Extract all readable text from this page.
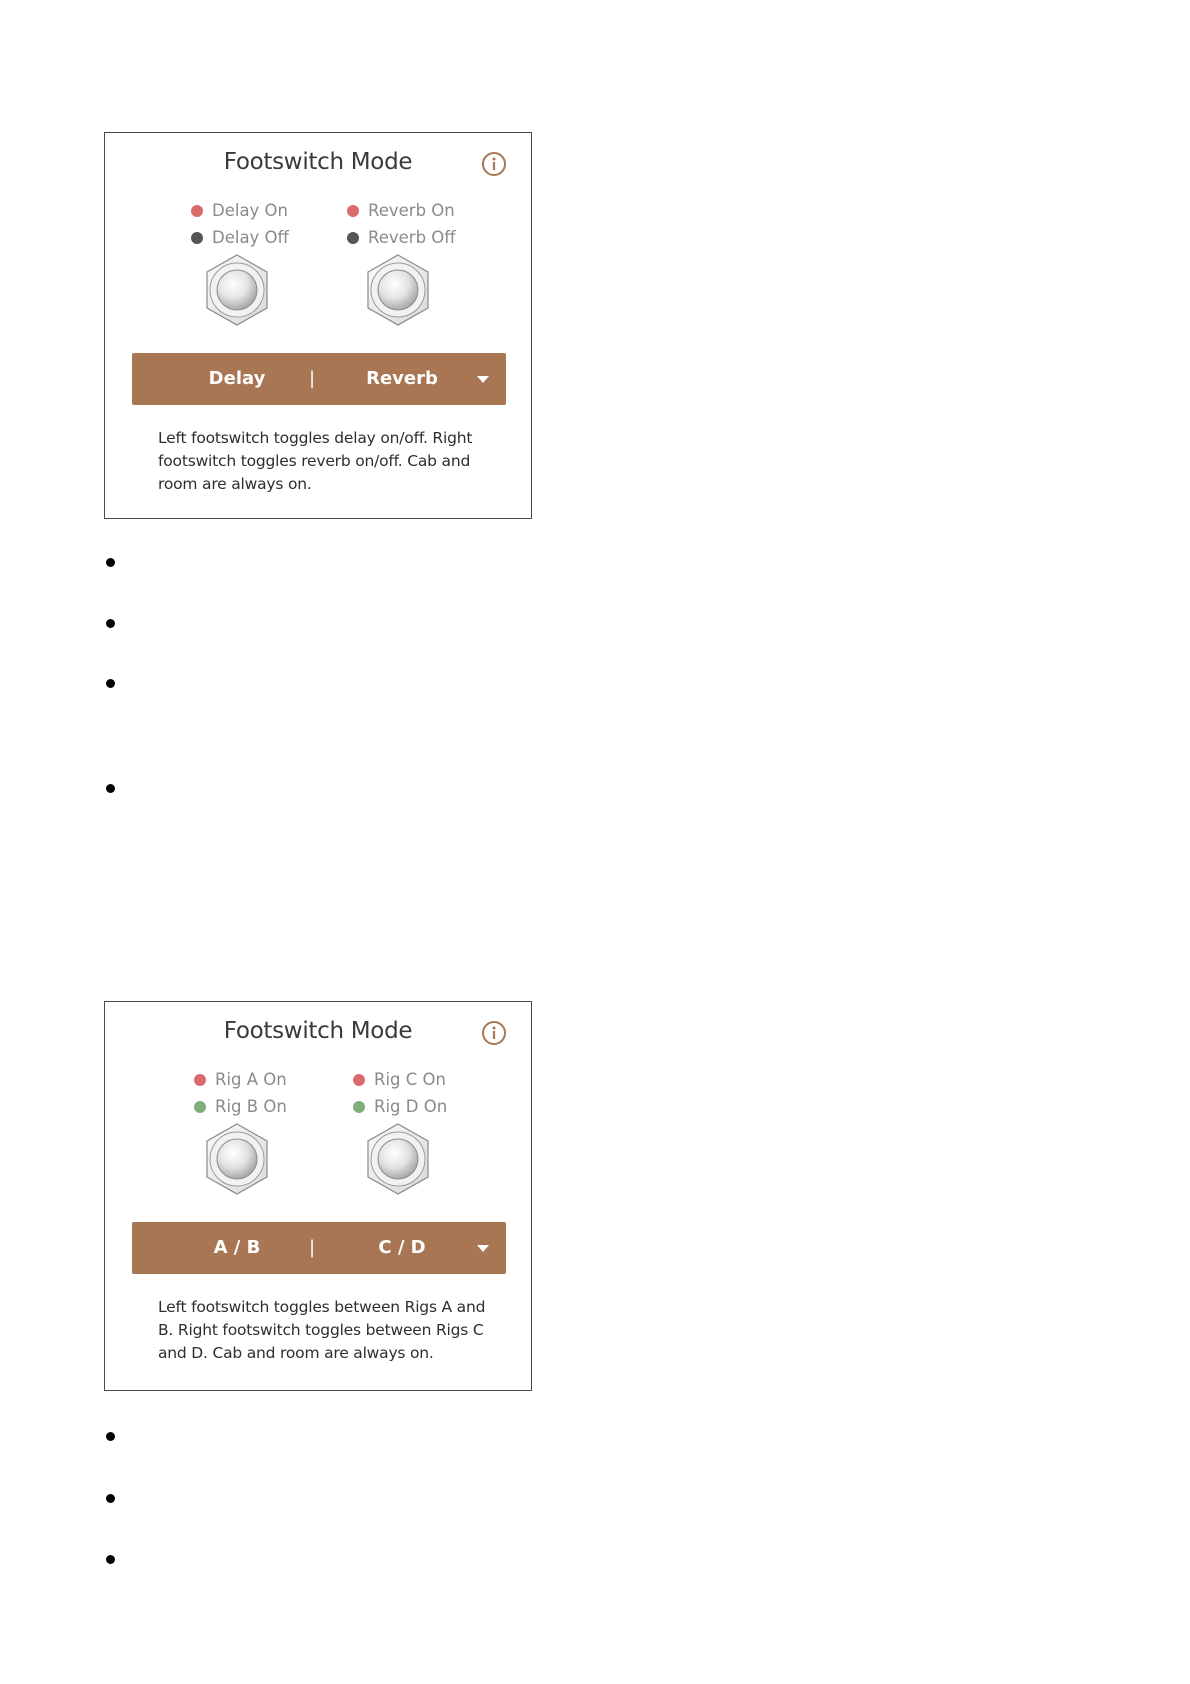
Footswitch Mode
Delay On
Delay Off
Reverb On
Reverb Off
Delay	|	Reverb
Left footswitch toggles delay on/off. Right footswitch toggles reverb on/off. Cab and room are always on.
Footswitch Mode
Rig A On
Rig B On
Rig C On
Rig D On
A / B	|	C / D
Left footswitch toggles between Rigs A and B. Right footswitch toggles between Rigs C and D. Cab and room are always on.
